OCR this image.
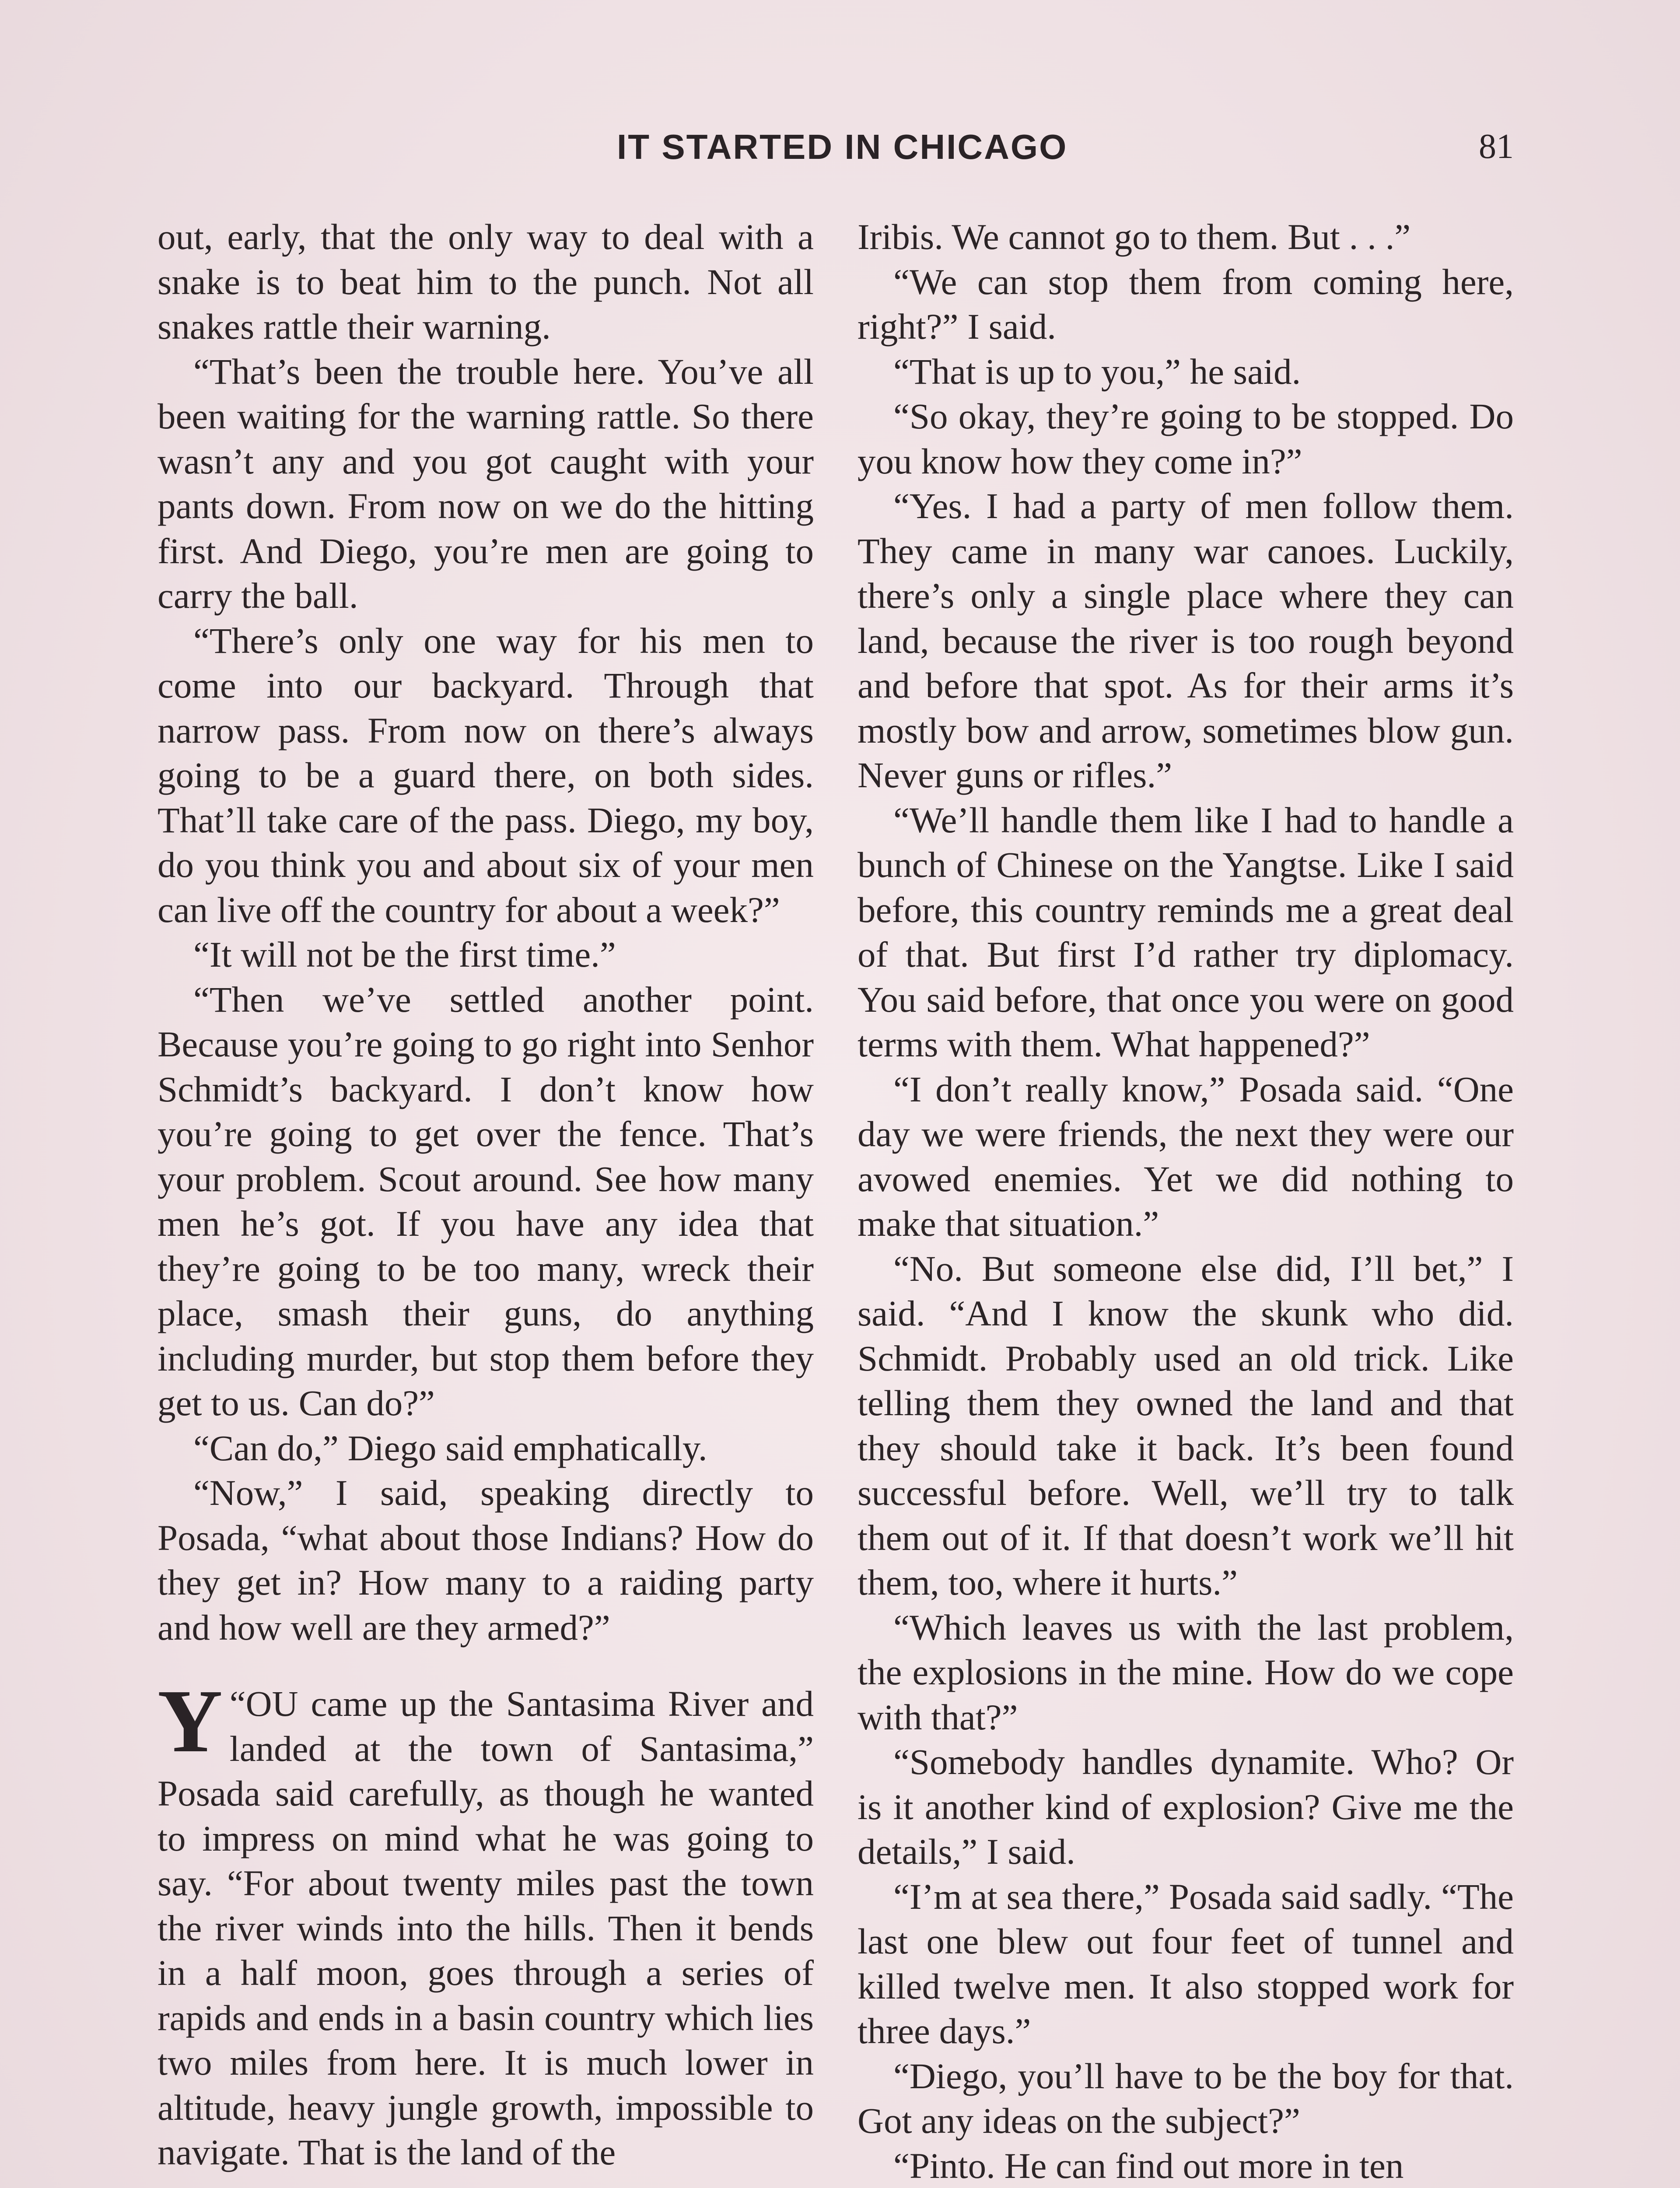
IT STARTED IN CHICAGO	81

out, early, that the only way to deal with a snake is to beat him to the punch. Not all snakes rattle their warning.

“That’s been the trouble here. You’ve all been waiting for the warning rattle. So there wasn’t any and you got caught with your pants down. From now on we do the hitting first. And Diego, you’re men are going to carry the ball.

“There’s only one way for his men to come into our backyard. Through that narrow pass. From now on there’s always going to be a guard there, on both sides. That’ll take care of the pass. Diego, my boy, do you think you and about six of your men can live off the country for about a week?”

“It will not be the first time.”

“Then we’ve settled another point. Because you’re going to go right into Senhor Schmidt’s backyard. I don’t know how you’re going to get over the fence. That’s your problem. Scout around. See how many men he’s got. If you have any idea that they’re going to be too many, wreck their place, smash their guns, do anything including murder, but stop them before they get to us. Can do?”

“Can do,” Diego said emphatically.

“Now,” I said, speaking directly to Posada, “what about those Indians? How do they get in? How many to a raiding party and how well are they armed?”

“
Y OU came up the Santasima River and landed at the town of Santasima,” Posada said carefully, as though he wanted to impress on mind what he was going to say. “For about twenty miles past the town the river winds into the hills. Then it bends in a half moon, goes through a series of rapids and ends in a basin country which lies two miles from here. It is much lower in altitude, heavy jungle growth, impossible to navigate. That is the land of the

Iribis. We cannot go to them. But . . .”

“We can stop them from coming here, right?” I said.

“That is up to you,” he said.

“So okay, they’re going to be stopped. Do you know how they come in?”

“Yes. I had a party of men follow them. They came in many war canoes. Luckily, there’s only a single place where they can land, because the river is too rough beyond and before that spot. As for their arms it’s mostly bow and arrow, sometimes blow gun. Never guns or rifles.”

“We’ll handle them like I had to handle a bunch of Chinese on the Yangtse. Like I said before, this country reminds me a great deal of that. But first I’d rather try diplomacy. You said before, that once you were on good terms with them. What happened?”

“I don’t really know,” Posada said. “One day we were friends, the next they were our avowed enemies. Yet we did nothing to make that situation.”

“No. But someone else did, I’ll bet,” I said. “And I know the skunk who did. Schmidt. Probably used an old trick. Like telling them they owned the land and that they should take it back. It’s been found successful before. Well, we’ll try to talk them out of it. If that doesn’t work we’ll hit them, too, where it hurts.”

“Which leaves us with the last problem, the explosions in the mine. How do we cope with that?”

“Somebody handles dynamite. Who? Or is it another kind of explosion? Give me the details,” I said.

“I’m at sea there,” Posada said sadly. “The last one blew out four feet of tunnel and killed twelve men. It also stopped work for three days.”

“Diego, you’ll have to be the boy for that. Got any ideas on the subject?”

“Pinto. He can find out more in ten
